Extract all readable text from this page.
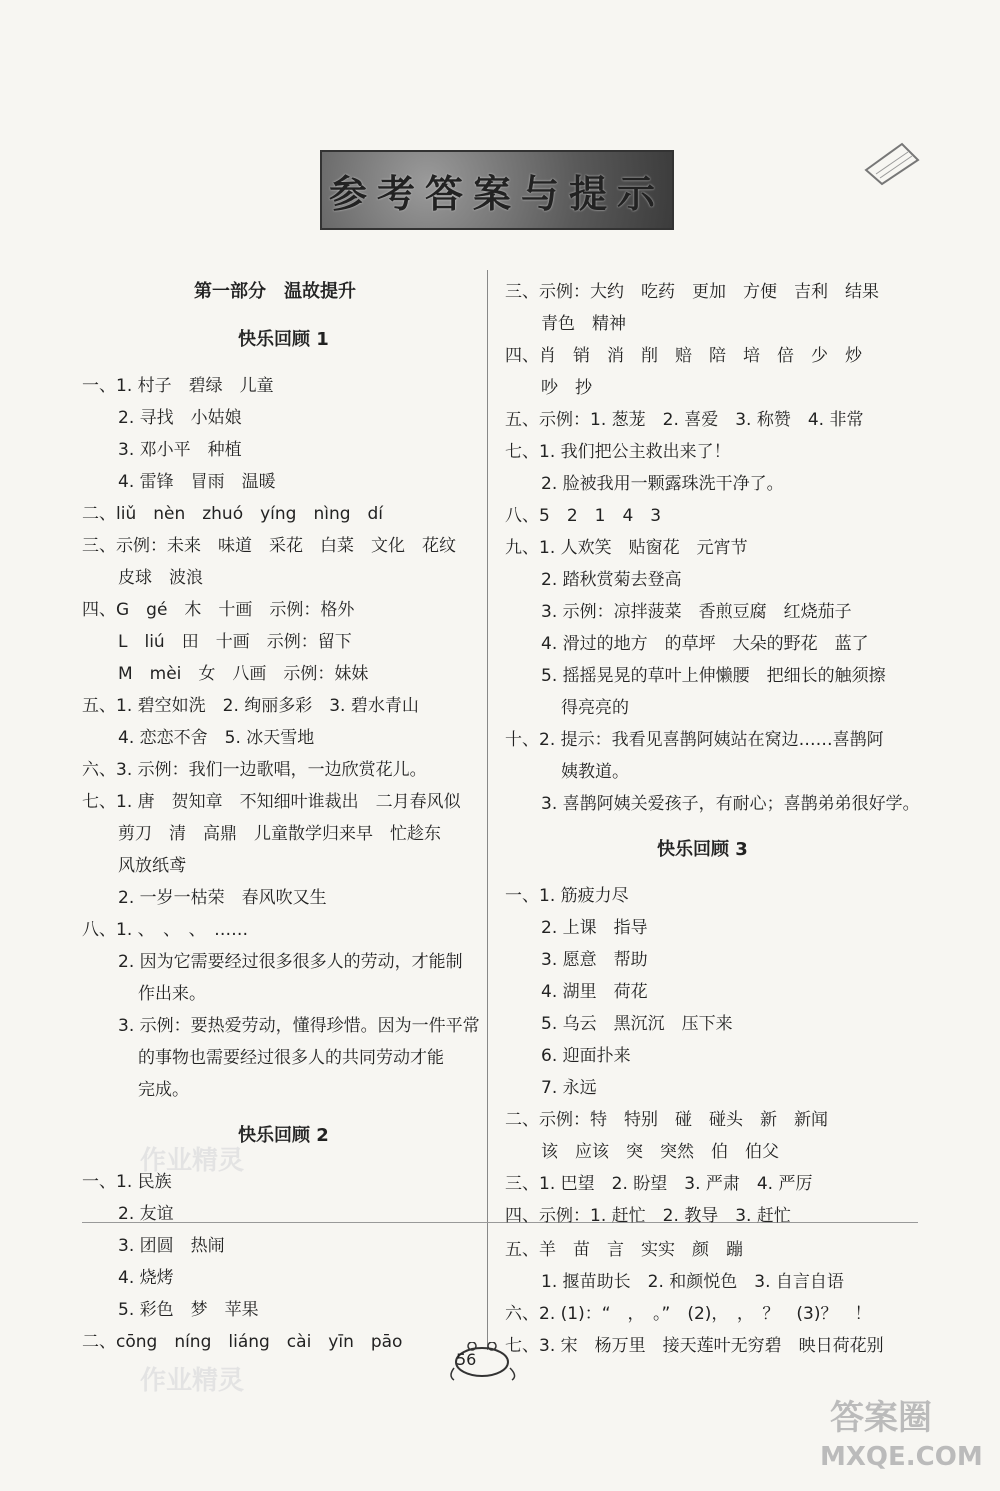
参考答案与提示
作业精灵
作业精灵
第一部分　温故提升
快乐回顾 1
一、1. 村子　碧绿　儿童
2. 寻找　小姑娘
3. 邓小平　种植
4. 雷锋　冒雨　温暖
二、liǔ　nèn　zhuó　yíng　nìng　dí
三、示例：未来　味道　采花　白菜　文化　花纹
皮球　波浪
四、G　gé　木　十画　示例：格外
L　liú　田　十画　示例：留下
M　mèi　女　八画　示例：妹妹
五、1. 碧空如洗　2. 绚丽多彩　3. 碧水青山
4. 恋恋不舍　5. 冰天雪地
六、3. 示例：我们一边歌唱，一边欣赏花儿。
七、1. 唐　贺知章　不知细叶谁裁出　二月春风似
剪刀　清　高鼎　儿童散学归来早　忙趁东
风放纸鸢
2. 一岁一枯荣　春风吹又生
八、1. 、　、　、　……
2. 因为它需要经过很多很多人的劳动，才能制
作出来。
3. 示例：要热爱劳动，懂得珍惜。因为一件平常
的事物也需要经过很多人的共同劳动才能
完成。
快乐回顾 2
一、1. 民族
2. 友谊
3. 团圆　热闹
4. 烧烤
5. 彩色　梦　苹果
二、cōng　níng　liáng　cài　yīn　pāo
三、示例：大约　吃药　更加　方便　吉利　结果
青色　精神
四、肖　销　消　削　赔　陪　培　倍　少　炒
吵　抄
五、示例：1. 葱茏　2. 喜爱　3. 称赞　4. 非常
七、1. 我们把公主救出来了！
2. 脸被我用一颗露珠洗干净了。
八、5　2　1　4　3
九、1. 人欢笑　贴窗花　元宵节
2. 踏秋赏菊去登高
3. 示例：凉拌菠菜　香煎豆腐　红烧茄子
4. 滑过的地方　的草坪　大朵的野花　蓝了
5. 摇摇晃晃的草叶上伸懒腰　把细长的触须擦
得亮亮的
十、2. 提示：我看见喜鹊阿姨站在窝边……喜鹊阿
姨教道。
3. 喜鹊阿姨关爱孩子，有耐心；喜鹊弟弟很好学。
快乐回顾 3
一、1. 筋疲力尽
2. 上课　指导
3. 愿意　帮助
4. 湖里　荷花
5. 乌云　黑沉沉　压下来
6. 迎面扑来
7. 永远
二、示例：特　特别　碰　碰头　新　新闻
该　应该　突　突然　伯　伯父
三、1. 巴望　2. 盼望　3. 严肃　4. 严厉
四、示例：1. 赶忙　2. 教导　3. 赶忙
五、羊　苗　言　实实　颜　蹦
1. 揠苗助长　2. 和颜悦色　3. 自言自语
六、2. (1)：“　，　。”　(2)，　，　？　(3)？　！
七、3. 宋　杨万里　接天莲叶无穷碧　映日荷花别
56
答案圈
MXQE.COM
